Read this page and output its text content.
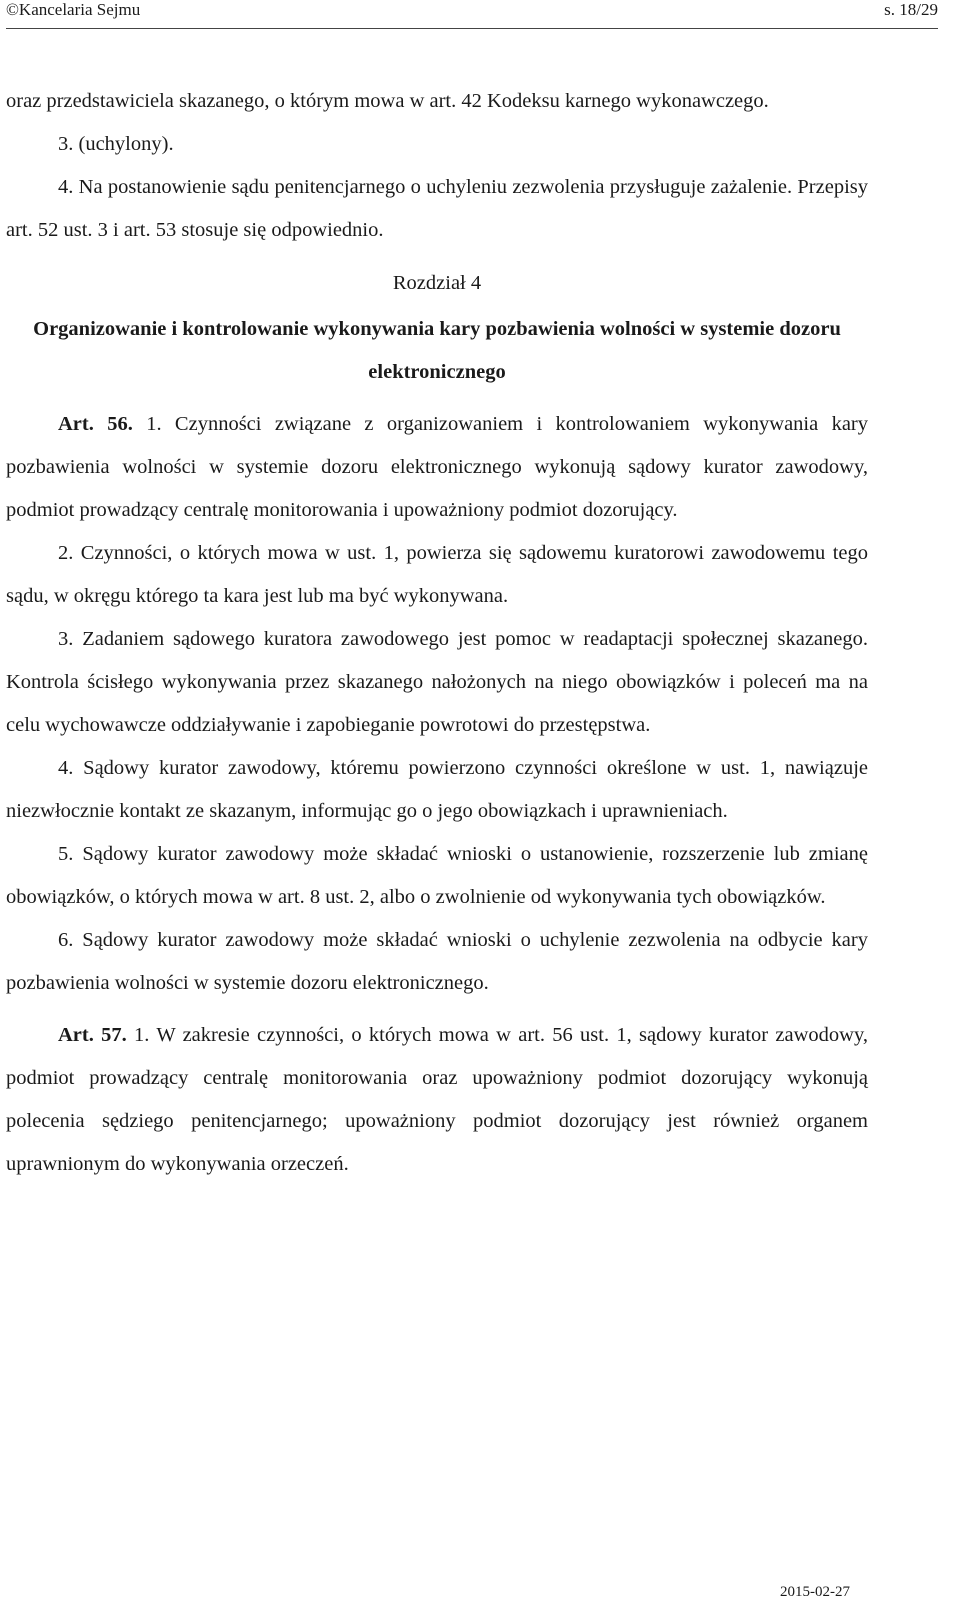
©Kancelaria Sejmu	s. 18/29

oraz przedstawiciela skazanego, o którym mowa w art. 42 Kodeksu karnego wykonawczego.

3. (uchylony).

4. Na postanowienie sądu penitencjarnego o uchyleniu zezwolenia przysługuje zażalenie. Przepisy art. 52 ust. 3 i art. 53 stosuje się odpowiednio.

Rozdział 4

Organizowanie i kontrolowanie wykonywania kary pozbawienia wolności w systemie dozoru elektronicznego

Art. 56. 1. Czynności związane z organizowaniem i kontrolowaniem wykonywania kary pozbawienia wolności w systemie dozoru elektronicznego wykonują sądowy kurator zawodowy, podmiot prowadzący centralę monitorowania i upoważniony podmiot dozorujący.

2. Czynności, o których mowa w ust. 1, powierza się sądowemu kuratorowi zawodowemu tego sądu, w okręgu którego ta kara jest lub ma być wykonywana.

3. Zadaniem sądowego kuratora zawodowego jest pomoc w readaptacji społecznej skazanego. Kontrola ścisłego wykonywania przez skazanego nałożonych na niego obowiązków i poleceń ma na celu wychowawcze oddziaływanie i zapobieganie powrotowi do przestępstwa.

4. Sądowy kurator zawodowy, któremu powierzono czynności określone w ust. 1, nawiązuje niezwłocznie kontakt ze skazanym, informując go o jego obowiązkach i uprawnieniach.

5. Sądowy kurator zawodowy może składać wnioski o ustanowienie, rozszerzenie lub zmianę obowiązków, o których mowa w art. 8 ust. 2, albo o zwolnienie od wykonywania tych obowiązków.

6. Sądowy kurator zawodowy może składać wnioski o uchylenie zezwolenia na odbycie kary pozbawienia wolności w systemie dozoru elektronicznego.

Art. 57. 1. W zakresie czynności, o których mowa w art. 56 ust. 1, sądowy kurator zawodowy, podmiot prowadzący centralę monitorowania oraz upoważniony podmiot dozorujący wykonują polecenia sędziego penitencjarnego; upoważniony podmiot dozorujący jest również organem uprawnionym do wykonywania orzeczeń.

2015-02-27
